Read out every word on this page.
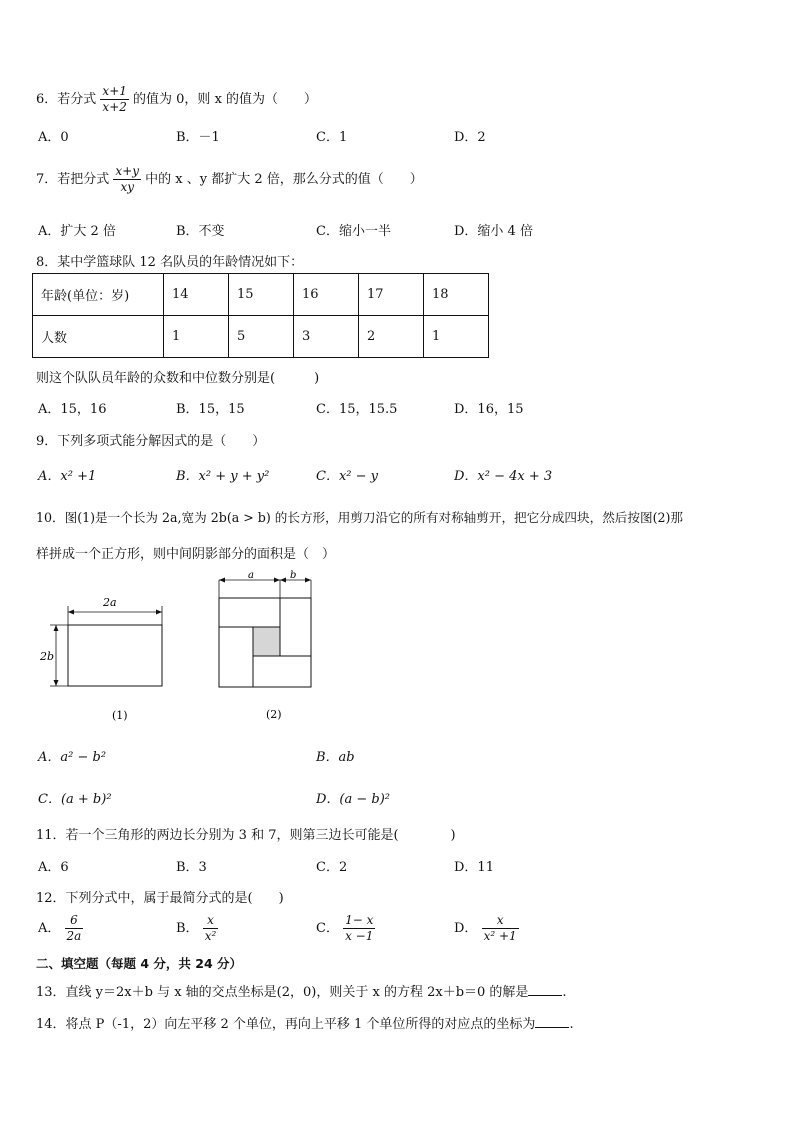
6．若分式 $\frac{x+1}{x+2}$ 的值为 0，则 x 的值为（　　）
A．0	B．－1	C．1	D．2
7．若把分式 $\frac{x+y}{xy}$ 中的 x 、y 都扩大 2 倍，那么分式的值（　　）
A．扩大 2 倍	B．不变	C．缩小一半	D．缩小 4 倍
8．某中学篮球队 12 名队员的年龄情况如下：
年龄(单位：岁)	14	15	16	17	18
人数	1	5	3	2	1
则这个队队员年龄的众数和中位数分别是(　　　)
A．15，16	B．15，15	C．15，15.5	D．16，15
9．下列多项式能分解因式的是（　　）
A．x² +1	B．x² + y + y²	C．x² − y	D．x² − 4x + 3
10．图(1)是一个长为 2a,宽为 2b(a > b) 的长方形，用剪刀沿它的所有对称轴剪开，把它分成四块，然后按图(2)那
样拼成一个正方形，则中间阴影部分的面积是（　）
2a
2b
(1)
a	b
(2)
A．a² − b²	B．ab
C．(a + b)²	D．(a − b)²
11．若一个三角形的两边长分别为 3 和 7，则第三边长可能是(　　　　)
A．6	B．3	C．2	D．11
12．下列分式中，属于最简分式的是(　　)
A． $\frac{6}{2a}$	B． $\frac{x}{\text{x²}}$	C． $\frac{1- x}{x -1}$	D． $\frac{x}{\text{x² +1}}$
二、填空题（每题 4 分，共 24 分）
13．直线 y＝2x＋b 与 x 轴的交点坐标是(2，0)，则关于 x 的方程 2x＋b＝0 的解是	.
14．将点 P（-1，2）向左平移 2 个单位，再向上平移 1 个单位所得的对应点的坐标为	.
